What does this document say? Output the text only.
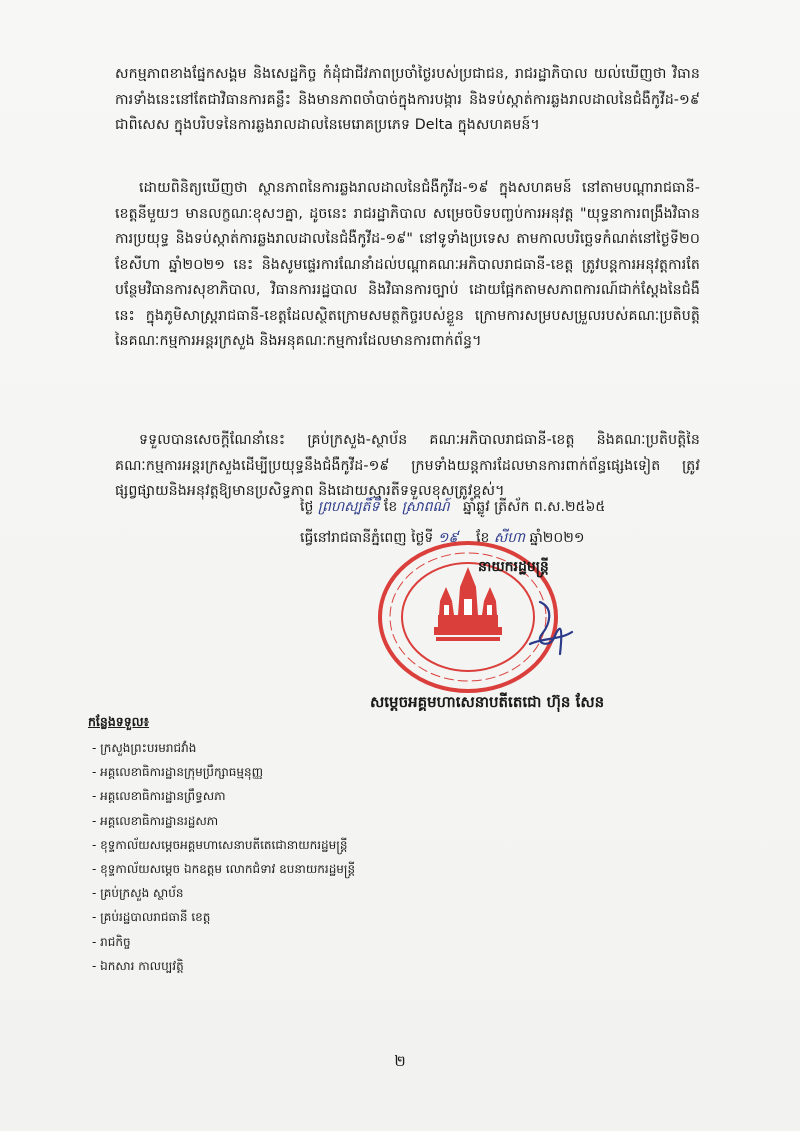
សកម្មភាពខាងផ្នែកសង្គម និងសេដ្ឋកិច្ច កំដុំជាជីវភាពប្រចាំថ្ងៃរបស់ប្រជាជន, រាជរដ្ឋាភិបាល យល់ឃើញថា វិធានការទាំងនេះនៅតែជាវិធានការគន្លឹះ និងមានភាពចាំបាច់ក្នុងការបង្ការ និងទប់ស្កាត់ការឆ្លងរាលដាលនៃជំងឺកូវីដ-១៩ ជាពិសេស ក្នុងបរិបទនៃការឆ្លងរាលដាលនៃមេរោគប្រភេទ Delta ក្នុងសហគមន៍។
ដោយពិនិត្យឃើញថា ស្ថានភាពនៃការឆ្លងរាលដាលនៃជំងឺកូវីដ-១៩ ក្នុងសហគមន៍ នៅតាមបណ្តារាជធានី-ខេត្តនីមួយៗ មានលក្ខណៈខុសៗគ្នា, ដូចនេះ រាជរដ្ឋាភិបាល សម្រេចបិទបញ្ចប់ការអនុវត្ត "យុទ្ធនាការពង្រឹងវិធានការប្រយុទ្ធ និងទប់ស្កាត់ការឆ្លងរាលដាលនៃជំងឺកូវីដ-១៩" នៅទូទាំងប្រទេស តាមកាលបរិច្ឆេទកំណត់នៅថ្ងៃទី២០ ខែសីហា ឆ្នាំ២០២១ នេះ និងសូមផ្ទេរការណែនាំដល់បណ្តាគណៈអភិបាលរាជធានី-ខេត្ត ត្រូវបន្តការអនុវត្តការតែបន្ថែមវិធានការសុខាភិបាល, វិធានការរដ្ឋបាល និងវិធានការច្បាប់ ដោយផ្អែកតាមសភាពការណ៍ជាក់ស្តែងនៃជំងឺនេះ ក្នុងភូមិសាស្ត្ររាជធានី-ខេត្តដែលស្ថិតក្រោមសមត្ថកិច្ចរបស់ខ្លួន ក្រោមការសម្របសម្រួលរបស់គណៈប្រតិបត្តិនៃគណៈកម្មការអន្តរក្រសួង និងអនុគណៈកម្មការដែលមានការពាក់ព័ន្ធ។
ទទួលបានសេចក្តីណែនាំនេះ គ្រប់ក្រសួង-ស្ថាប័ន គណៈអភិបាលរាជធានី-ខេត្ត និងគណៈប្រតិបត្តិនៃគណៈកម្មការអន្តរក្រសួងដើម្បីប្រយុទ្ធនឹងជំងឺកូវីដ-១៩ ក្រមទាំងយន្តការដែលមានការពាក់ព័ន្ធផ្សេងទៀត ត្រូវផ្សព្វផ្សាយនិងអនុវត្តឱ្យមានប្រសិទ្ធភាព និងដោយស្មារតីទទួលខុសត្រូវខ្ពស់។
ថ្ងៃ ព្រហស្បតិ៍ទី ខែ ស្រាពណ៍ ឆ្នាំឆ្លូវ ត្រីស័ក ព.ស.២៥៦៥
ធ្វើនៅរាជធានីភ្នំពេញ ថ្ងៃទី ១៩ ខែ សីហា ឆ្នាំ២០២១
នាយករដ្ឋមន្ត្រី
សម្តេចអគ្គមហាសេនាបតីតេជោ ហ៊ុន សែន
កន្លែងទទួល៖
- ក្រសួងព្រះបរមរាជវាំង
- អគ្គលេខាធិការដ្ឋានក្រុមប្រឹក្សាធម្មនុញ្ញ
- អគ្គលេខាធិការដ្ឋានព្រឹទ្ធសភា
- អគ្គលេខាធិការដ្ឋានរដ្ឋសភា
- ខុទ្ទកាល័យសម្តេចអគ្គមហាសេនាបតីតេជោនាយករដ្ឋមន្ត្រី
- ខុទ្ទកាល័យសម្តេច ឯកឧត្តម លោកជំទាវ ឧបនាយករដ្ឋមន្ត្រី
- គ្រប់ក្រសួង ស្ថាប័ន
- គ្រប់រដ្ឋបាលរាជធានី ខេត្ត
- រាជកិច្ច
- ឯកសារ កាលប្បវត្តិ
២
